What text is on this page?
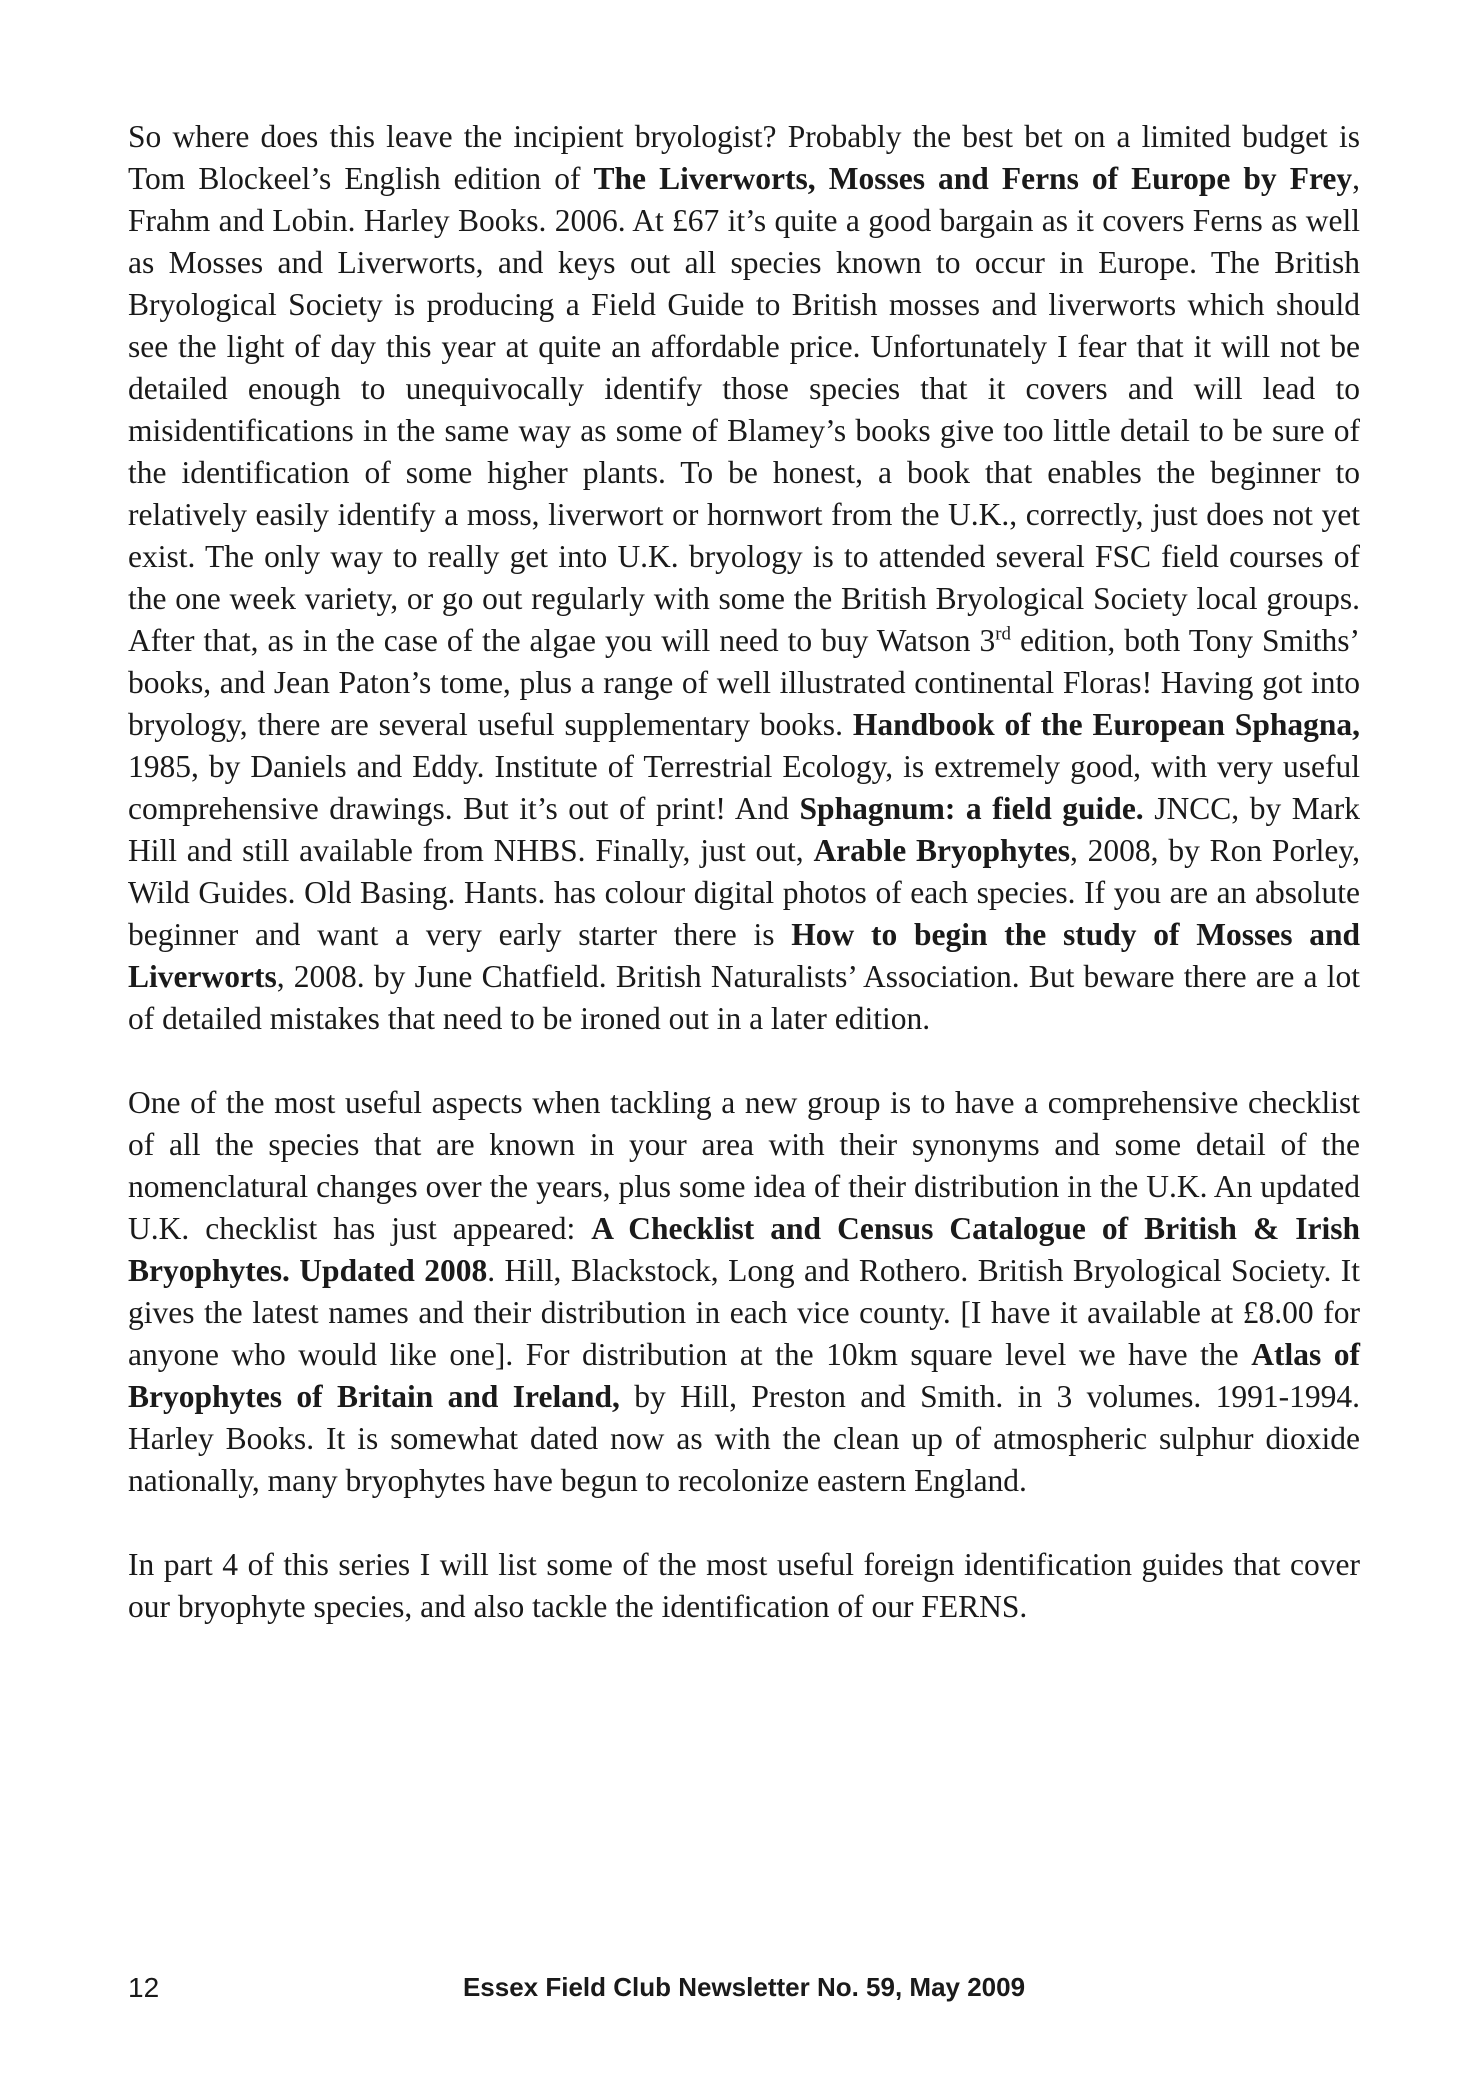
So where does this leave the incipient bryologist? Probably the best bet on a limited budget is Tom Blockeel’s English edition of The Liverworts, Mosses and Ferns of Europe by Frey, Frahm and Lobin. Harley Books. 2006. At £67 it’s quite a good bargain as it covers Ferns as well as Mosses and Liverworts, and keys out all species known to occur in Europe. The British Bryological Society is producing a Field Guide to British mosses and liverworts which should see the light of day this year at quite an affordable price. Unfortunately I fear that it will not be detailed enough to unequivocally identify those species that it covers and will lead to misidentifications in the same way as some of Blamey’s books give too little detail to be sure of the identification of some higher plants. To be honest, a book that enables the beginner to relatively easily identify a moss, liverwort or hornwort from the U.K., correctly, just does not yet exist. The only way to really get into U.K. bryology is to attended several FSC field courses of the one week variety, or go out regularly with some the British Bryological Society local groups. After that, as in the case of the algae you will need to buy Watson 3rd edition, both Tony Smiths’ books, and Jean Paton’s tome, plus a range of well illustrated continental Floras! Having got into bryology, there are several useful supplementary books. Handbook of the European Sphagna, 1985, by Daniels and Eddy. Institute of Terrestrial Ecology, is extremely good, with very useful comprehensive drawings. But it’s out of print! And Sphagnum: a field guide. JNCC, by Mark Hill and still available from NHBS. Finally, just out, Arable Bryophytes, 2008, by Ron Porley, Wild Guides. Old Basing. Hants. has colour digital photos of each species. If you are an absolute beginner and want a very early starter there is How to begin the study of Mosses and Liverworts, 2008. by June Chatfield. British Naturalists’ Association. But beware there are a lot of detailed mistakes that need to be ironed out in a later edition.

One of the most useful aspects when tackling a new group is to have a comprehensive checklist of all the species that are known in your area with their synonyms and some detail of the nomenclatural changes over the years, plus some idea of their distribution in the U.K. An updated U.K. checklist has just appeared: A Checklist and Census Catalogue of British & Irish Bryophytes. Updated 2008. Hill, Blackstock, Long and Rothero. British Bryological Society. It gives the latest names and their distribution in each vice county. [I have it available at £8.00 for anyone who would like one]. For distribution at the 10km square level we have the Atlas of Bryophytes of Britain and Ireland, by Hill, Preston and Smith. in 3 volumes. 1991-1994. Harley Books. It is somewhat dated now as with the clean up of atmospheric sulphur dioxide nationally, many bryophytes have begun to recolonize eastern England.

In part 4 of this series I will list some of the most useful foreign identification guides that cover our bryophyte species, and also tackle the identification of our FERNS.

12	Essex Field Club Newsletter No. 59, May 2009
